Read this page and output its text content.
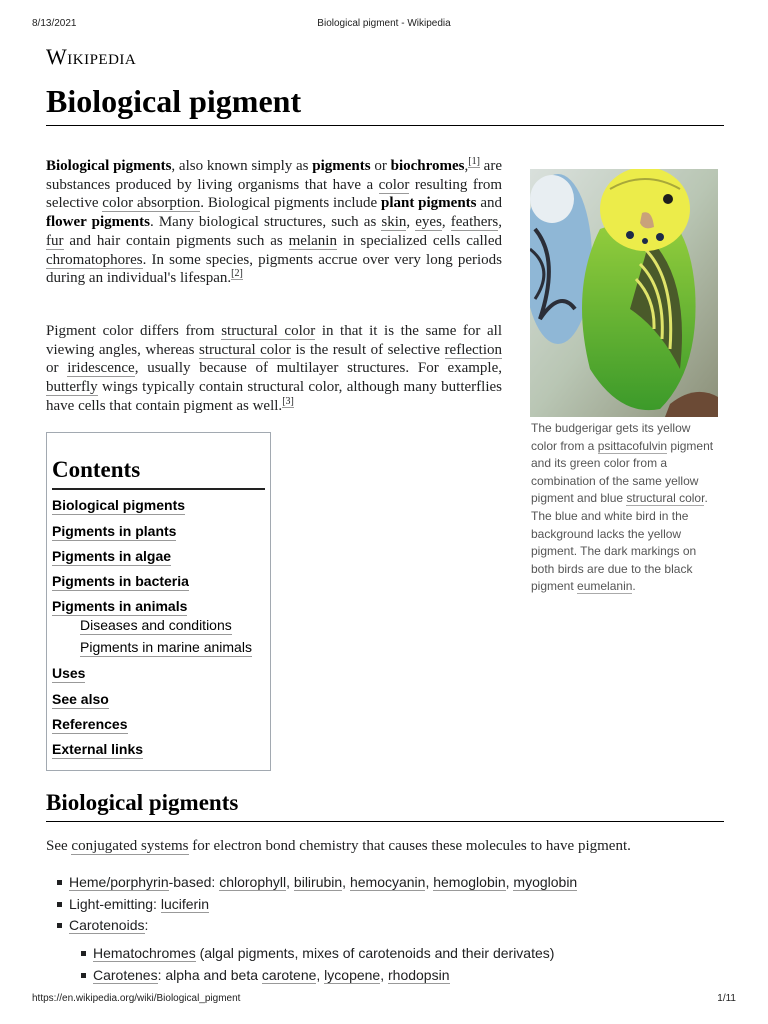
8/13/2021	Biological pigment - Wikipedia
Wikipedia
Biological pigment

Biological pigments, also known simply as pigments or biochromes,[1] are substances produced by living organisms that have a color resulting from selective color absorption. Biological pigments include plant pigments and flower pigments. Many biological structures, such as skin, eyes, feathers, fur and hair contain pigments such as melanin in specialized cells called chromatophores. In some species, pigments accrue over very long periods during an individual's lifespan.[2]

Pigment color differs from structural color in that it is the same for all viewing angles, whereas structural color is the result of selective reflection or iridescence, usually because of multilayer structures. For example, butterfly wings typically contain structural color, although many butterflies have cells that contain pigment as well.[3]

The budgerigar gets its yellow color from a psittacofulvin pigment and its green color from a combination of the same yellow pigment and blue structural color. The blue and white bird in the background lacks the yellow pigment. The dark markings on both birds are due to the black pigment eumelanin.

Contents
Biological pigments
Pigments in plants
Pigments in algae
Pigments in bacteria
Pigments in animals
Diseases and conditions
Pigments in marine animals
Uses
See also
References
External links
Biological pigments
See conjugated systems for electron bond chemistry that causes these molecules to have pigment.
Heme/porphyrin-based: chlorophyll, bilirubin, hemocyanin, hemoglobin, myoglobin
Light-emitting: luciferin
Carotenoids:
Hematochromes (algal pigments, mixes of carotenoids and their derivates)
Carotenes: alpha and beta carotene, lycopene, rhodopsin
https://en.wikipedia.org/wiki/Biological_pigment	1/11
